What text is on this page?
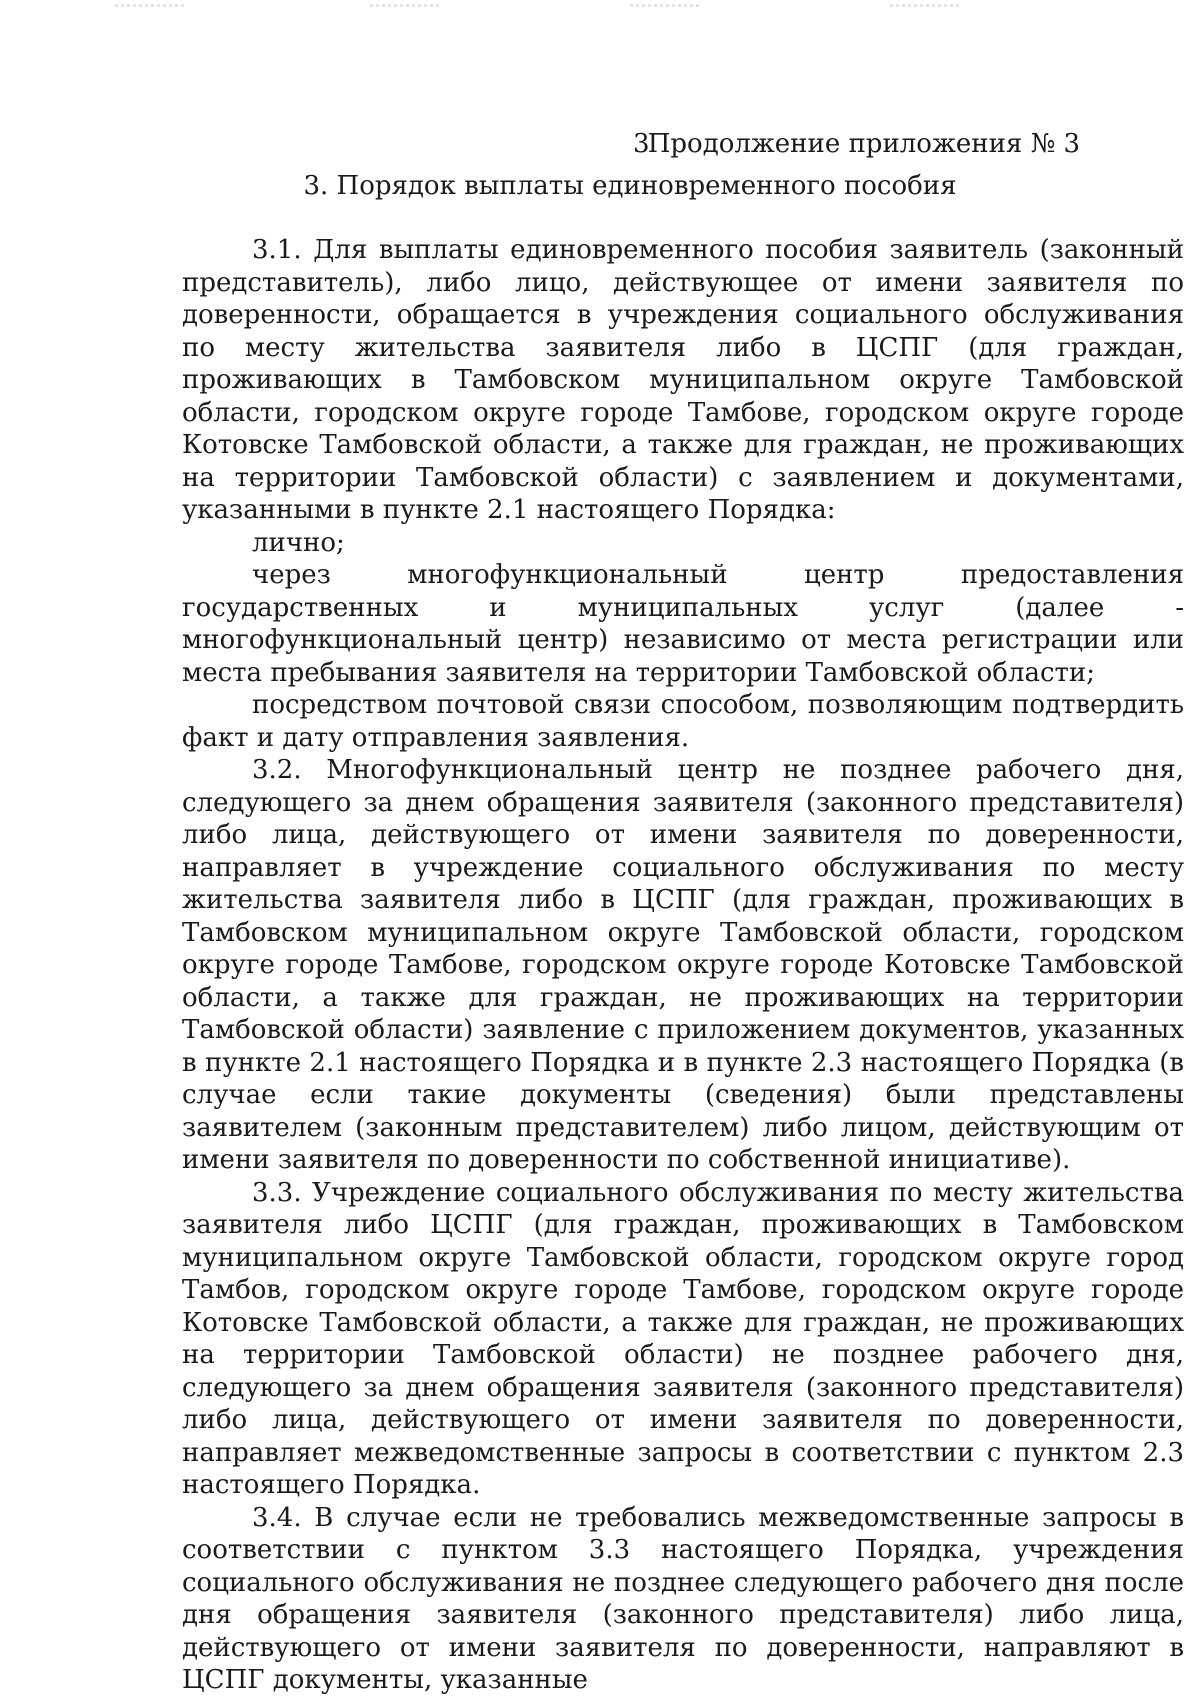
3
Продолжение приложения № 3
3. Порядок выплаты единовременного пособия

3.1. Для выплаты единовременного пособия заявитель (законный представитель), либо лицо, действующее от имени заявителя по доверенности, обращается в учреждения социального обслуживания по месту жительства заявителя либо в ЦСПГ (для граждан, проживающих в Тамбовском муниципальном округе Тамбовской области, городском округе городе Тамбове, городском округе городе Котовске Тамбовской области, а также для граждан, не проживающих на территории Тамбовской области) с заявлением и документами, указанными в пункте 2.1 настоящего Порядка:

лично;

через многофункциональный центр предоставления государственных и муниципальных услуг (далее - многофункциональный центр) независимо от места регистрации или места пребывания заявителя на территории Тамбовской области;

посредством почтовой связи способом, позволяющим подтвердить факт и дату отправления заявления.

3.2. Многофункциональный центр не позднее рабочего дня, следующего за днем обращения заявителя (законного представителя) либо лица, действующего от имени заявителя по доверенности, направляет в учреждение социального обслуживания по месту жительства заявителя либо в ЦСПГ (для граждан, проживающих в Тамбовском муниципальном округе Тамбовской области, городском округе городе Тамбове, городском округе городе Котовске Тамбовской области, а также для граждан, не проживающих на территории Тамбовской области) заявление с приложением документов, указанных в пункте 2.1 настоящего Порядка и в пункте 2.3 настоящего Порядка (в случае если такие документы (сведения) были представлены заявителем (законным представителем) либо лицом, действующим от имени заявителя по доверенности по собственной инициативе).

3.3. Учреждение социального обслуживания по месту жительства заявителя либо ЦСПГ (для граждан, проживающих в Тамбовском муниципальном округе Тамбовской области, городском округе город Тамбов, городском округе городе Тамбове, городском округе городе Котовске Тамбовской области, а также для граждан, не проживающих на территории Тамбовской области) не позднее рабочего дня, следующего за днем обращения заявителя (законного представителя) либо лица, действующего от имени заявителя по доверенности, направляет межведомственные запросы в соответствии с пунктом 2.3 настоящего Порядка.

3.4. В случае если не требовались межведомственные запросы в соответствии с пунктом 3.3 настоящего Порядка, учреждения социального обслуживания не позднее следующего рабочего дня после дня обращения заявителя (законного представителя) либо лица, действующего от имени заявителя по доверенности, направляют в ЦСПГ документы, указанные
